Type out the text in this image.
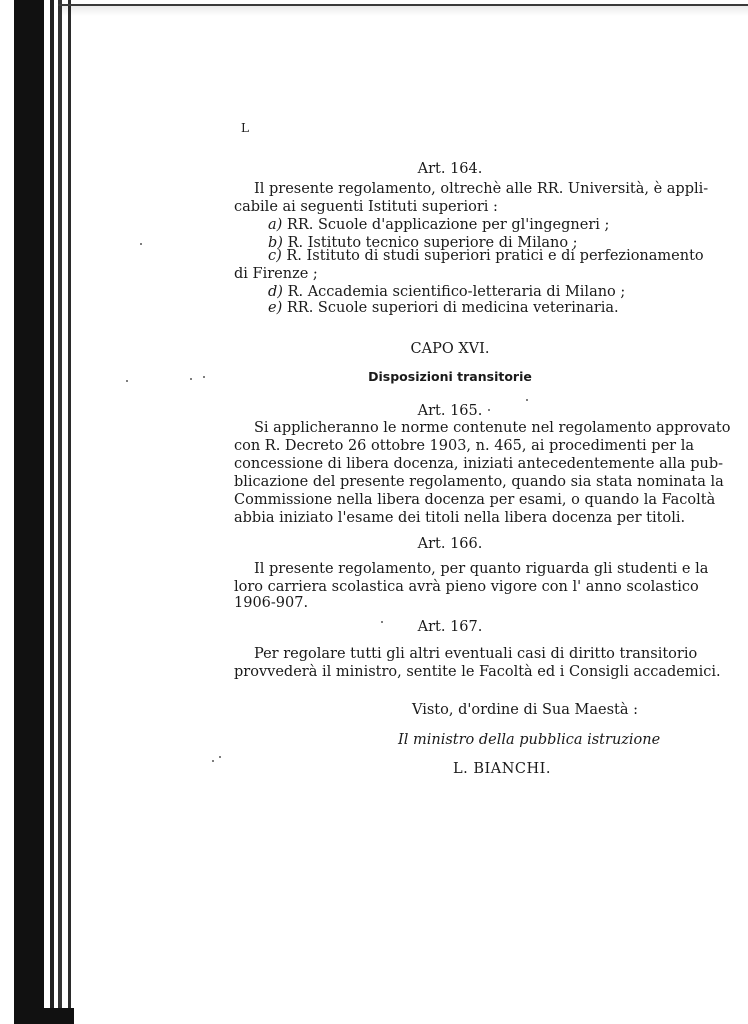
L
Art. 164.
Il presente regolamento, oltrechè alle RR. Università, è appli-
cabile ai seguenti Istituti superiori :
a) RR. Scuole d'applicazione per gl'ingegneri ;
b) R. Istituto tecnico superiore di Milano ;
c) R. Istituto di studi superiori pratici e di perfezionamento
di Firenze ;
d) R. Accademia scientifico-letteraria di Milano ;
e) RR. Scuole superiori di medicina veterinaria.
CAPO XVI.
Disposizioni transitorie
Art. 165.
Si applicheranno le norme contenute nel regolamento approvato
con R. Decreto 26 ottobre 1903, n. 465, ai procedimenti per la
concessione di libera docenza, iniziati antecedentemente alla pub-
blicazione del presente regolamento, quando sia stata nominata la
Commissione nella libera docenza per esami, o quando la Facoltà
abbia iniziato l'esame dei titoli nella libera docenza per titoli.
Art. 166.
Il presente regolamento, per quanto riguarda gli studenti e la
loro carriera scolastica avrà pieno vigore con l' anno scolastico
1906-907.
Art. 167.
Per regolare tutti gli altri eventuali casi di diritto transitorio
provvederà il ministro, sentite le Facoltà ed i Consigli accademici.
Visto, d'ordine di Sua Maestà :
Il ministro della pubblica istruzione
L. BIANCHI.
